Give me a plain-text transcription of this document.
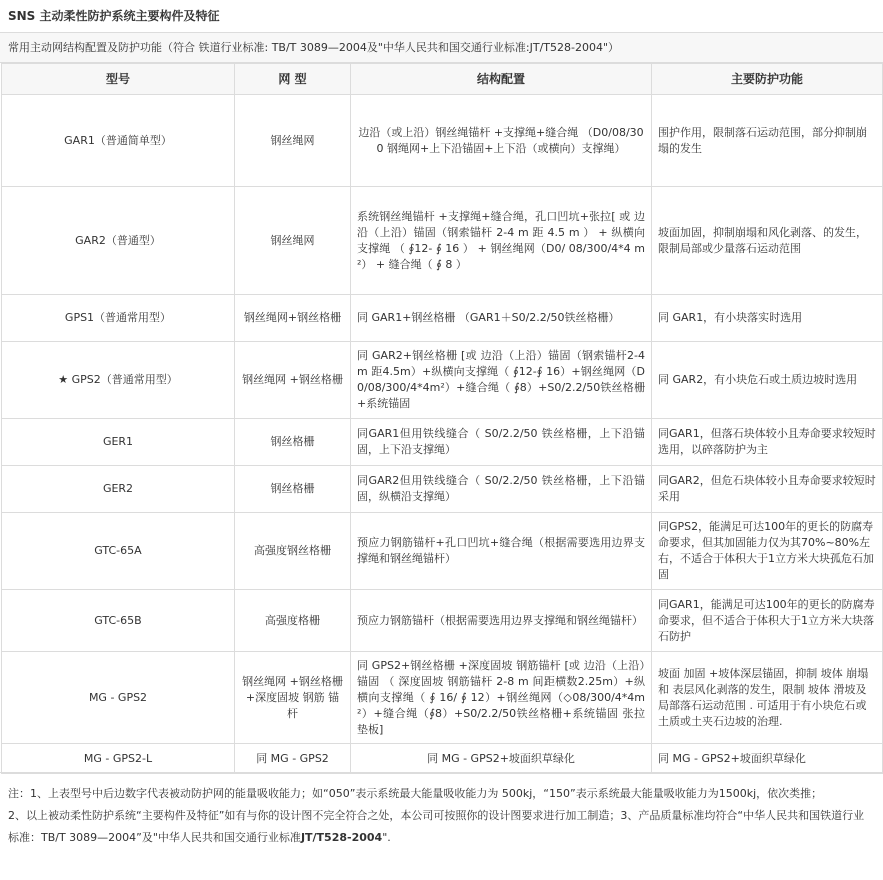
SNS 主动柔性防护系统主要构件及特征
常用主动网结构配置及防护功能（符合 铁道行业标准: TB/T 3089—2004及"中华人民共和国交通行业标准:JT/T528-2004"）
型号	网 型	结构配置	主要防护功能
GAR1（普通简单型）	钢丝绳网	边沿（或上沿）钢丝绳锚杆 +支撑绳+缝合绳 （D0/08/300 钢绳网+上下沿锚固+上下沿（或横向）支撑绳）	围护作用，限制落石运动范围，部分抑制崩塌的发生
GAR2（普通型）	钢丝绳网	系统钢丝绳锚杆 +支撑绳+缝合绳，孔口凹坑+张拉[ 或 边沿（上沿）锚固（钢索锚杆 2-4 m 距 4.5 m ） + 纵横向支撑绳 （ ∮12- ∮ 16 ） + 钢丝绳网（D0/ 08/300/4*4 m²） + 缝合绳（ ∮ 8 ）	坡面加固，抑制崩塌和风化剥落、的发生，限制局部或少量落石运动范围
GPS1（普通常用型）	钢丝绳网+钢丝格栅	同 GAR1+钢丝格栅 （GAR1＋S0/2.2/50铁丝格栅）	同 GAR1，有小块落实时选用
★ GPS2（普通常用型）	钢丝绳网 +钢丝格栅	同 GAR2+钢丝格栅 [或 边沿（上沿）锚固（钢索锚杆2-4 m 距4.5m）+纵横向支撑绳（ ∮12-∮ 16）+钢丝绳网（D0/08/300/4*4m²）+缝合绳（ ∮8）+S0/2.2/50铁丝格栅+系统锚固	同 GAR2，有小块危石或土质边坡时选用
GER1	钢丝格栅	同GAR1但用铁线缝合（ S0/2.2/50 铁丝格栅，上下沿锚固，上下沿支撑绳）	同GAR1，但落石块体较小且寿命要求较短时选用，以碎落防护为主
GER2	钢丝格栅	同GAR2但用铁线缝合（ S0/2.2/50 铁丝格栅，上下沿锚固，纵横沿支撑绳）	同GAR2，但危石块体较小且寿命要求较短时采用
GTC-65A	高强度钢丝格栅	预应力钢筋锚杆+孔口凹坑+缝合绳（根据需要选用边界支撑绳和钢丝绳锚杆）	同GPS2，能满足可达100年的更长的防腐寿命要求，但其加固能力仅为其70%~80%左右，不适合于体积大于1立方米大块孤危石加固
GTC-65B	高强度格栅	预应力钢筋锚杆（根据需要选用边界支撑绳和钢丝绳锚杆）	同GAR1，能满足可达100年的更长的防腐寿命要求，但不适合于体积大于1立方米大块落石防护
MG - GPS2	钢丝绳网 +钢丝格栅+深度固坡 钢筋 锚杆	同 GPS2+钢丝格栅 +深度固坡 钢筋锚杆 [或 边沿（上沿）锚固 （ 深度固坡 钢筋锚杆 2-8 m 间距横数2.25m）+纵横向支撑绳（ ∮ 16/ ∮ 12）+钢丝绳网（◇08/300/4*4m²）+缝合绳（∮8）+S0/2.2/50铁丝格栅+系统锚固 张拉垫板]	坡面 加固 +坡体深层锚固，抑制 坡体 崩塌和 表层风化剥落的发生，限制 坡体 滑坡及局部落石运动范围 . 可适用于有小块危石或土质或土夹石边坡的治理.
MG - GPS2-L	同 MG - GPS2	同 MG - GPS2+坡面织草绿化	同 MG - GPS2+坡面织草绿化

注：1、上表型号中后边数字代表被动防护网的能量吸收能力；如“050”表示系统最大能量吸收能力为 500kj，“150”表示系统最大能量吸收能力为1500kj，依次类推；

2、以上被动柔性防护系统“主要构件及特征”如有与你的设计图不完全符合之处，本公司可按照你的设计图要求进行加工制造；3、产品质量标准均符合“中华人民共和国铁道行业标准：TB/T 3089—2004”及"中华人民共和国交通行业标准JT/T528-2004".
